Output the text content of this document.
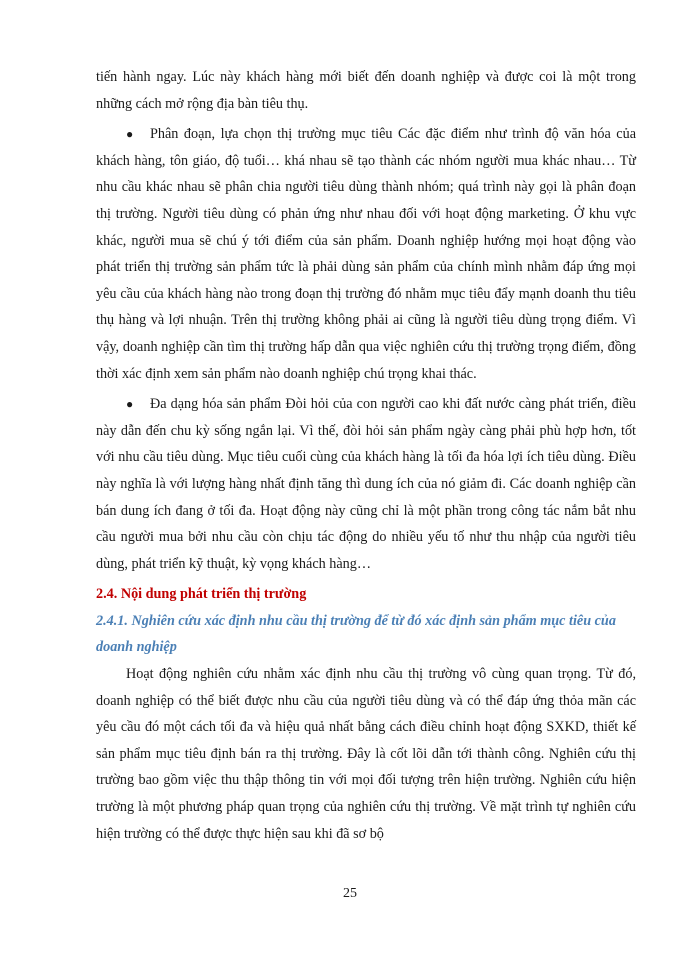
tiến hành ngay. Lúc này khách hàng mới biết đến doanh nghiệp và được coi là một trong những cách mở rộng địa bàn tiêu thụ.

● Phân đoạn, lựa chọn thị trường mục tiêu Các đặc điểm như trình độ văn hóa của khách hàng, tôn giáo, độ tuổi… khá nhau sẽ tạo thành các nhóm người mua khác nhau… Từ nhu cầu khác nhau sẽ phân chia người tiêu dùng thành nhóm; quá trình này gọi là phân đoạn thị trường. Người tiêu dùng có phản ứng như nhau đối với hoạt động marketing. Ở khu vực khác, người mua sẽ chú ý tới điểm của sản phẩm. Doanh nghiệp hướng mọi hoạt động vào phát triển thị trường sản phẩm tức là phải dùng sản phẩm của chính mình nhằm đáp ứng mọi yêu cầu của khách hàng nào trong đoạn thị trường đó nhằm mục tiêu đẩy mạnh doanh thu tiêu thụ hàng và lợi nhuận. Trên thị trường không phải ai cũng là người tiêu dùng trọng điểm. Vì vậy, doanh nghiệp cần tìm thị trường hấp dẫn qua việc nghiên cứu thị trường trọng điểm, đồng thời xác định xem sản phẩm nào doanh nghiệp chú trọng khai thác.

● Đa dạng hóa sản phẩm Đòi hỏi của con người cao khi đất nước càng phát triển, điều này dẫn đến chu kỳ sống ngắn lại. Vì thế, đòi hỏi sản phẩm ngày càng phải phù hợp hơn, tốt với nhu cầu tiêu dùng. Mục tiêu cuối cùng của khách hàng là tối đa hóa lợi ích tiêu dùng. Điều này nghĩa là với lượng hàng nhất định tăng thì dung ích của nó giảm đi. Các doanh nghiệp cần bán dung ích đang ở tối đa. Hoạt động này cũng chỉ là một phần trong công tác nắm bắt nhu cầu người mua bởi nhu cầu còn chịu tác động do nhiều yếu tố như thu nhập của người tiêu dùng, phát triển kỹ thuật, kỳ vọng khách hàng…

2.4. Nội dung phát triển thị trường
2.4.1. Nghiên cứu xác định nhu cầu thị trường để từ đó xác định sản phẩm mục tiêu của doanh nghiệp

Hoạt động nghiên cứu nhằm xác định nhu cầu thị trường vô cùng quan trọng. Từ đó, doanh nghiệp có thể biết được nhu cầu của người tiêu dùng và có thể đáp ứng thỏa mãn các yêu cầu đó một cách tối đa và hiệu quả nhất bằng cách điều chỉnh hoạt động SXKD, thiết kế sản phẩm mục tiêu định bán ra thị trường. Đây là cốt lõi dẫn tới thành công. Nghiên cứu thị trường bao gồm việc thu thập thông tin với mọi đối tượng trên hiện trường. Nghiên cứu hiện trường là một phương pháp quan trọng của nghiên cứu thị trường. Về mặt trình tự nghiên cứu hiện trường có thể được thực hiện sau khi đã sơ bộ

25
